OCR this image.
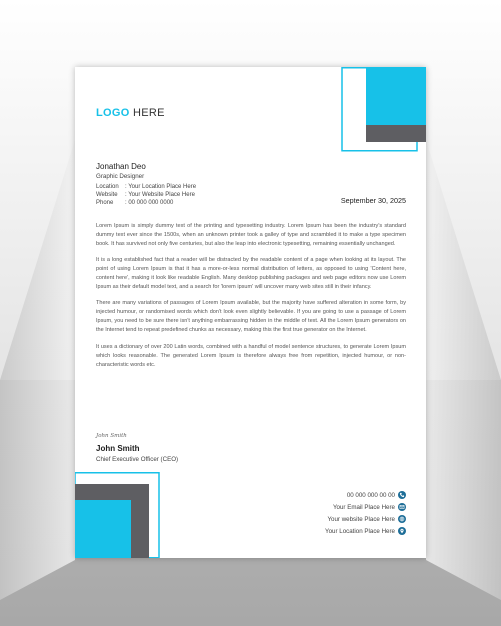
LOGO HERE
Jonathan Deo
Graphic Designer
Location : Your Location Place Here
Website : Your Website Place Here
Phone : 00 000 000 0000	September 30, 2025

Lorem Ipsum is simply dummy text of the printing and typesetting industry. Lorem Ipsum has been the industry's standard dummy text ever since the 1500s, when an unknown printer took a galley of type and scrambled it to make a type specimen book. It has survived not only five centuries, but also the leap into electronic typesetting, remaining essentially unchanged.

It is a long established fact that a reader will be distracted by the readable content of a page when looking at its layout. The point of using Lorem Ipsum is that it has a more-or-less normal distribution of letters, as opposed to using 'Content here, content here', making it look like readable English. Many desktop publishing packages and web page editors now use Lorem Ipsum as their default model text, and a search for 'lorem ipsum' will uncover many web sites still in their infancy.

There are many variations of passages of Lorem Ipsum available, but the majority have suffered alteration in some form, by injected humour, or randomised words which don't look even slightly believable. If you are going to use a passage of Lorem Ipsum, you need to be sure there isn't anything embarrassing hidden in the middle of text. All the Lorem Ipsum generators on the Internet tend to repeat predefined chunks as necessary, making this the first true generator on the Internet.

It uses a dictionary of over 200 Latin words, combined with a handful of model sentence structures, to generate Lorem Ipsum which looks reasonable. The generated Lorem Ipsum is therefore always free from repetition, injected humour, or non-characteristic words etc.

John Smith
John Smith
Chief Executive Officer (CEO)
00 000 000 00 00
Your Email Place Here
Your website Place Here
Your Location Place Here
